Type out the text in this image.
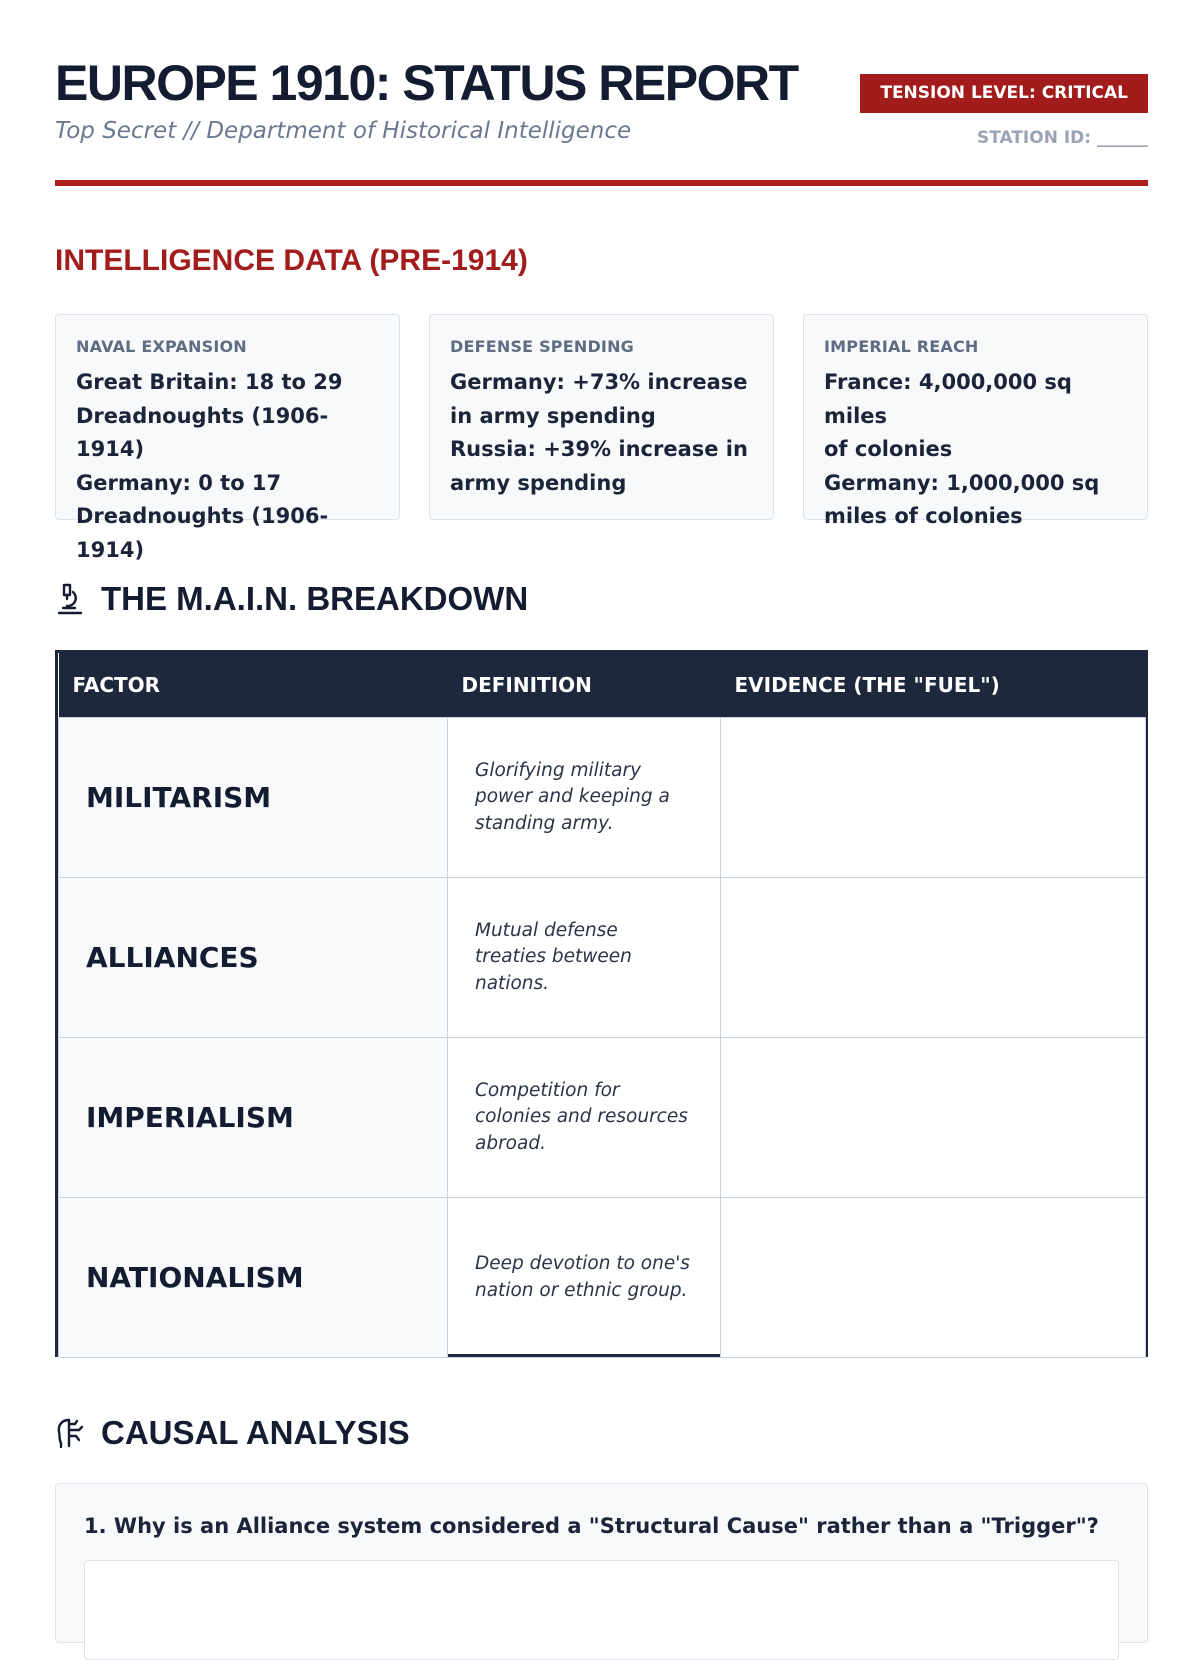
EUROPE 1910: STATUS REPORT
Top Secret // Department of Historical Intelligence
TENSION LEVEL: CRITICAL
STATION ID: ______
INTELLIGENCE DATA (PRE-1914)
NAVAL EXPANSION
Great Britain: 18 to 29
Dreadnoughts (1906-1914)
Germany: 0 to 17
Dreadnoughts (1906-1914)
DEFENSE SPENDING
Germany: +73% increase
in army spending
Russia: +39% increase in
army spending
IMPERIAL REACH
France: 4,000,000 sq miles
of colonies
Germany: 1,000,000 sq
miles of colonies
THE M.A.I.N. BREAKDOWN
FACTOR	DEFINITION	EVIDENCE (THE "FUEL")
MILITARISM	Glorifying military
power and keeping a
standing army.	

ALLIANCES	Mutual defense
treaties between
nations.	

IMPERIALISM	Competition for
colonies and resources
abroad.	

NATIONALISM	Deep devotion to one's
nation or ethnic group.	

CAUSAL ANALYSIS
1. Why is an Alliance system considered a "Structural Cause" rather than a "Trigger"?
